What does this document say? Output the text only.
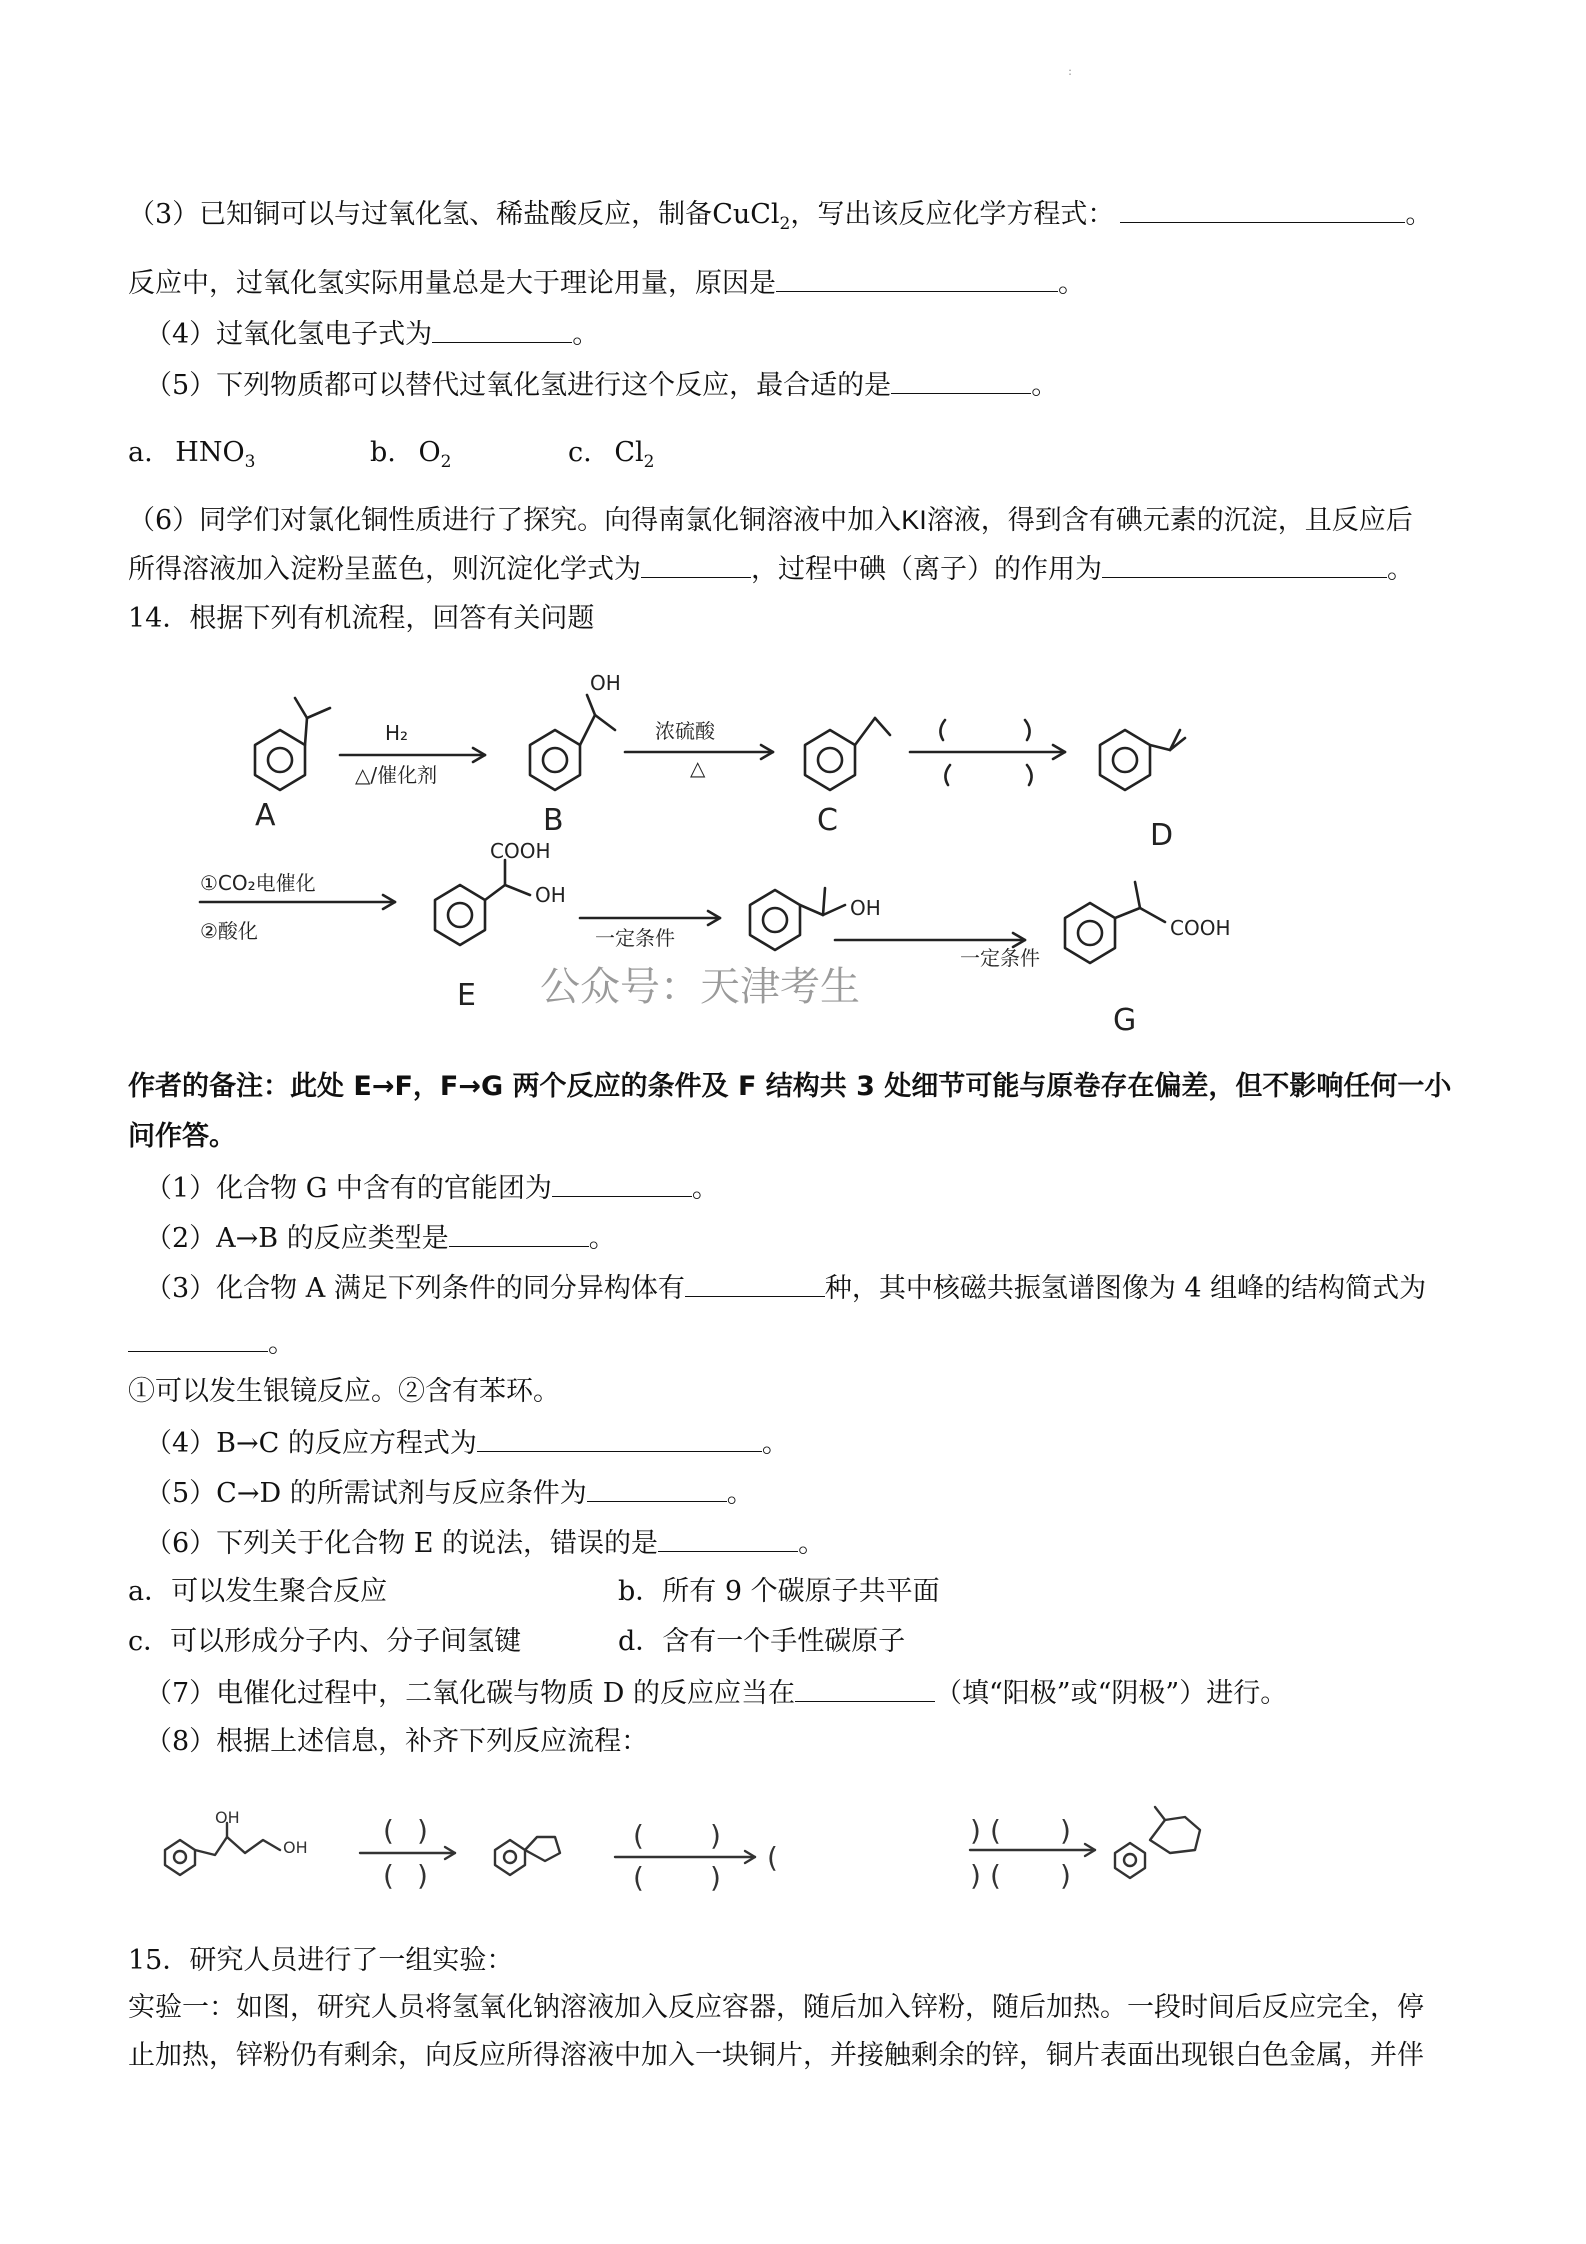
:
（3）已知铜可以与过氧化氢、稀盐酸反应，制备CuCl$_2$，写出该反应化学方程式：	。
反应中，过氧化氢实际用量总是大于理论用量，原因是	。
（4）过氧化氢电子式为	。
（5）下列物质都可以替代过氧化氢进行这个反应，最合适的是	。
a. $HNO_3$	b. $O_2$	c. $Cl_2$
（6）同学们对氯化铜性质进行了探究。向得南氯化铜溶液中加入KI溶液，得到含有碘元素的沉淀，且反应后
所得溶液加入淀粉呈蓝色，则沉淀化学式为	，过程中碘（离子）的作用为	。
14．根据下列有机流程，回答有关问题
A	B	C	D
E
G
H₂
△/催化剂
浓硫酸
△
OH
①CO₂电催化
②酸化
COOH
OH
一定条件
OH
一定条件
COOH
公众号：天津考生
作者的备注：此处 E→F，F→G 两个反应的条件及 F 结构共 3 处细节可能与原卷存在偏差，但不影响任何一小
问作答。
（1）化合物 G 中含有的官能团为	。
（2）A→B 的反应类型是	。
（3）化合物 A 满足下列条件的同分异构体有	种，其中核磁共振氢谱图像为 4 组峰的结构简式为
。
①可以发生银镜反应。②含有苯环。
（4）B→C 的反应方程式为	。
（5）C→D 的所需试剂与反应条件为	。
（6）下列关于化合物 E 的说法，错误的是	。
a．可以发生聚合反应	b．所有 9 个碳原子共平面
c．可以形成分子内、分子间氢键	d．含有一个手性碳原子
（7）电催化过程中，二氧化碳与物质 D 的反应应当在	（填“阳极”或“阴极”）进行。
（8）根据上述信息，补齐下列反应流程：
OH
OH
( )
( )
( )
( )
(
) ( )
) ( )
15．研究人员进行了一组实验：
实验一：如图，研究人员将氢氧化钠溶液加入反应容器，随后加入锌粉，随后加热。一段时间后反应完全，停
止加热，锌粉仍有剩余，向反应所得溶液中加入一块铜片，并接触剩余的锌，铜片表面出现银白色金属，并伴
